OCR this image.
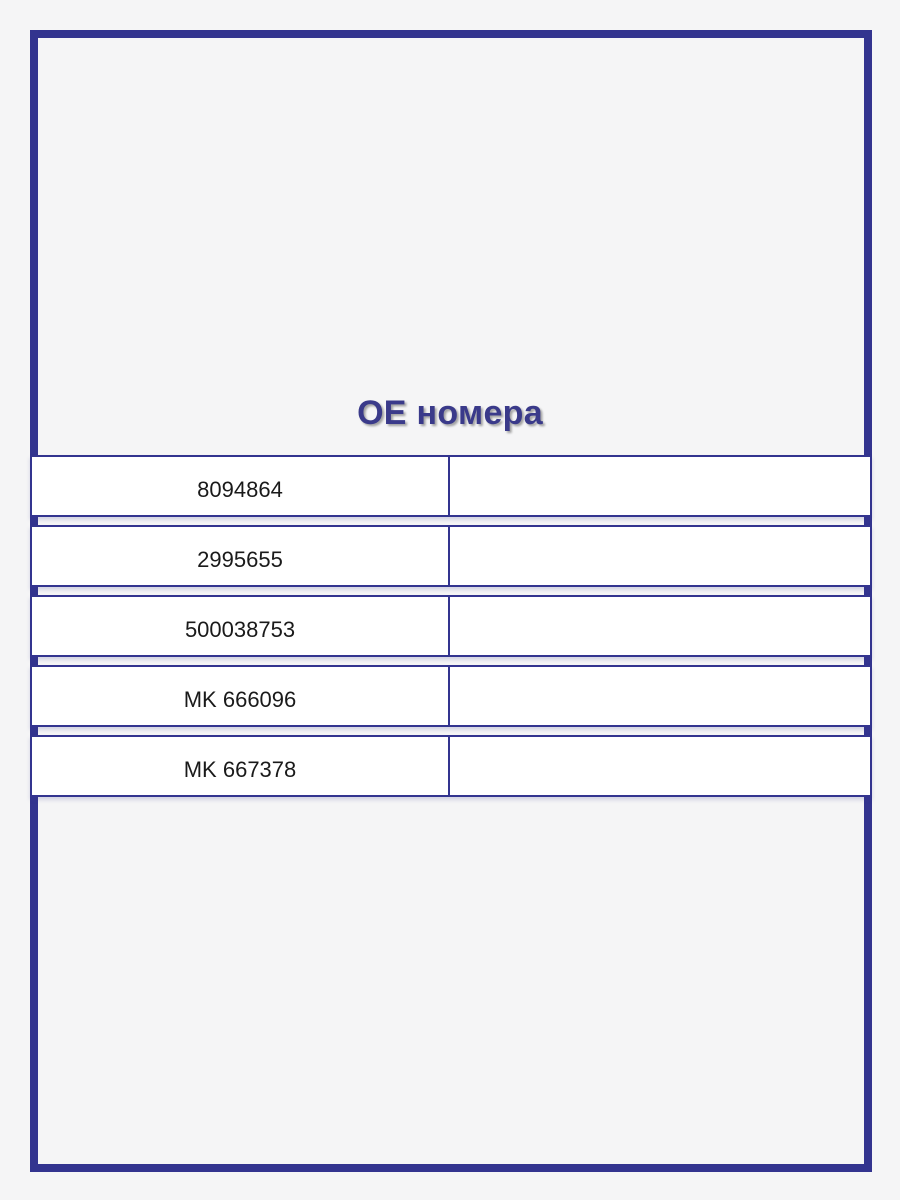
OE номера
8094864
2995655
500038753
MK 666096
MK 667378
